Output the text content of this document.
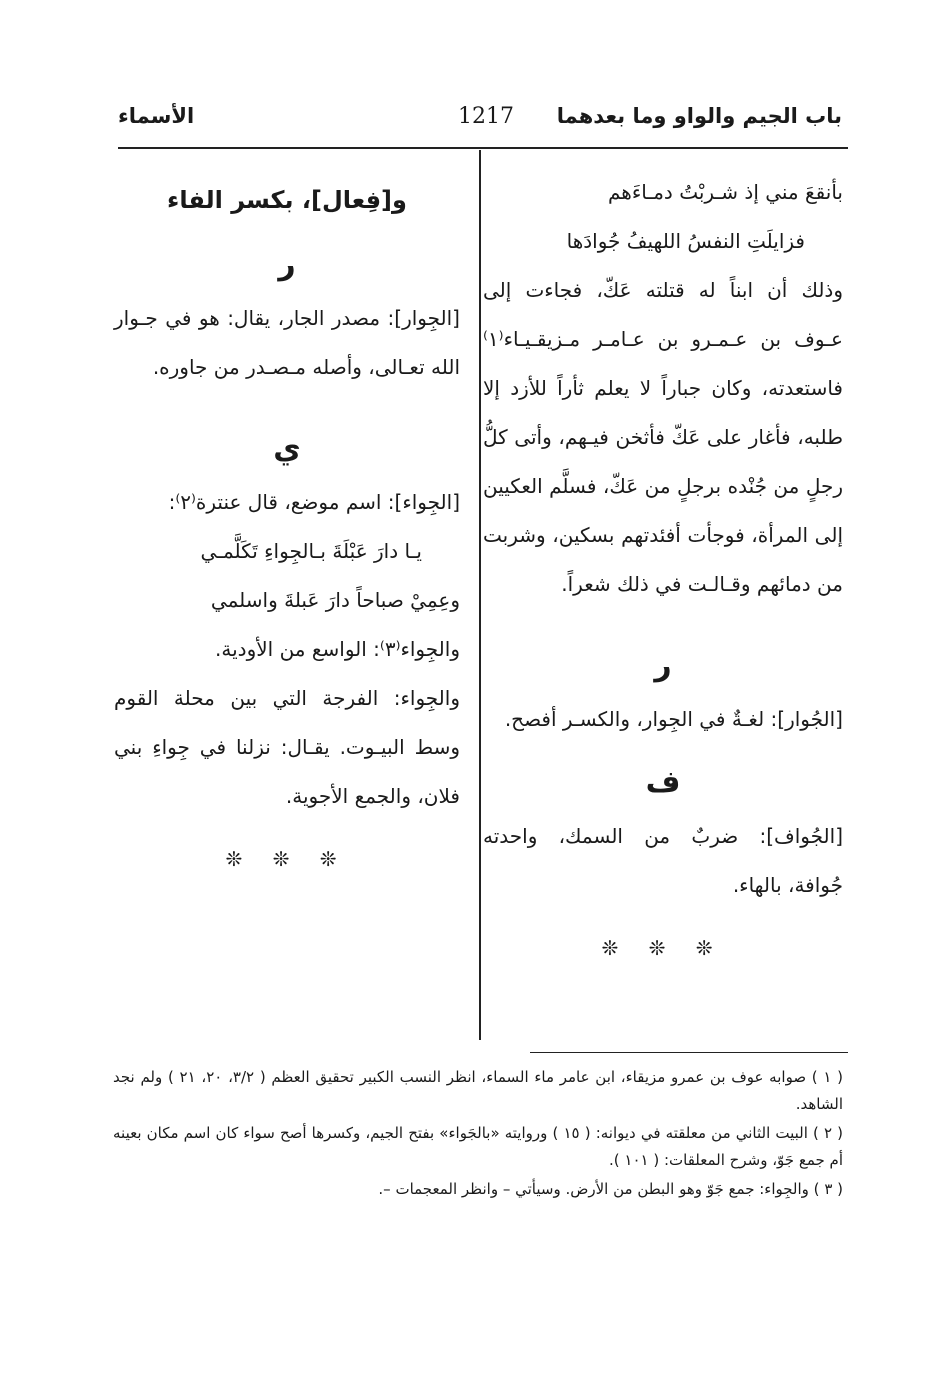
باب الجيم والواو وما بعدهما
1217
الأسماء

بأنقعَ مني إذ شـربْتُ دمـاءَهم

فزايلَتِ النفسُ اللهيفُ جُوادَها

وذلك أن ابناً له قتلته عَكّ، فجاءت إلى عـوف بن عـمـرو بن عـامـر مـزيقـيـاء⁽١⁾ فاستعدته، وكان جباراً لا يعلم ثأراً للأزد إلا طلبه، فأغار على عَكّ فأثخن فيـهم، وأتى كلُّ رجلٍ من جُنْده برجلٍ من عَكّ، فسلَّم العكيين إلى المرأة، فوجأت أفئدتهم بسكين، وشربت من دمائهم وقـالـت في ذلك شعراً.

ر

[الجُوار]: لغـةٌ في الجِوار، والكسـر أفصح.

ف

[الجُواف]: ضربٌ من السمك، واحدته جُوافة، بالهاء.

❊ ❊ ❊

و[فِعال]، بكسر الفاء

ر

[الجِوار]: مصدر الجار، يقال: هو في جـوار الله تعـالى، وأصله مـصـدر من جاوره.

ي

[الجِواء]: اسم موضع، قال عنترة⁽٢⁾:

يـا دارَ عَبْلَةَ بـالجِواءِ تَكَلَّمـي

وعِمِيْ صباحاً دارَ عَبلةَ واسلمي

والجِواء⁽٣⁾: الواسع من الأودية.

والجِواء: الفرجة التي بين محلة القوم وسط البيـوت. يقـال: نزلنا في جِواءِ بني فلان، والجمع الأجوية.

❊ ❊ ❊

( ١ ) صوابه عوف بن عمرو مزيقاء، ابن عامر ماء السماء، انظر النسب الكبير تحقيق العظم ( ٣/٢، ٢٠، ٢١ ) ولم نجد الشاهد.

( ٢ ) البيت الثاني من معلقته في ديوانه: ( ١٥ ) وروايته «بالجَواء» بفتح الجيم، وكسرها أصح سواء كان اسم مكان بعينه أم جمع جَوّ، وشرح المعلقات: ( ١٠١ ).

( ٣ ) والجِواء: جمع جَوّ وهو البطن من الأرض. وسيأتي – وانظر المعجمات –.
